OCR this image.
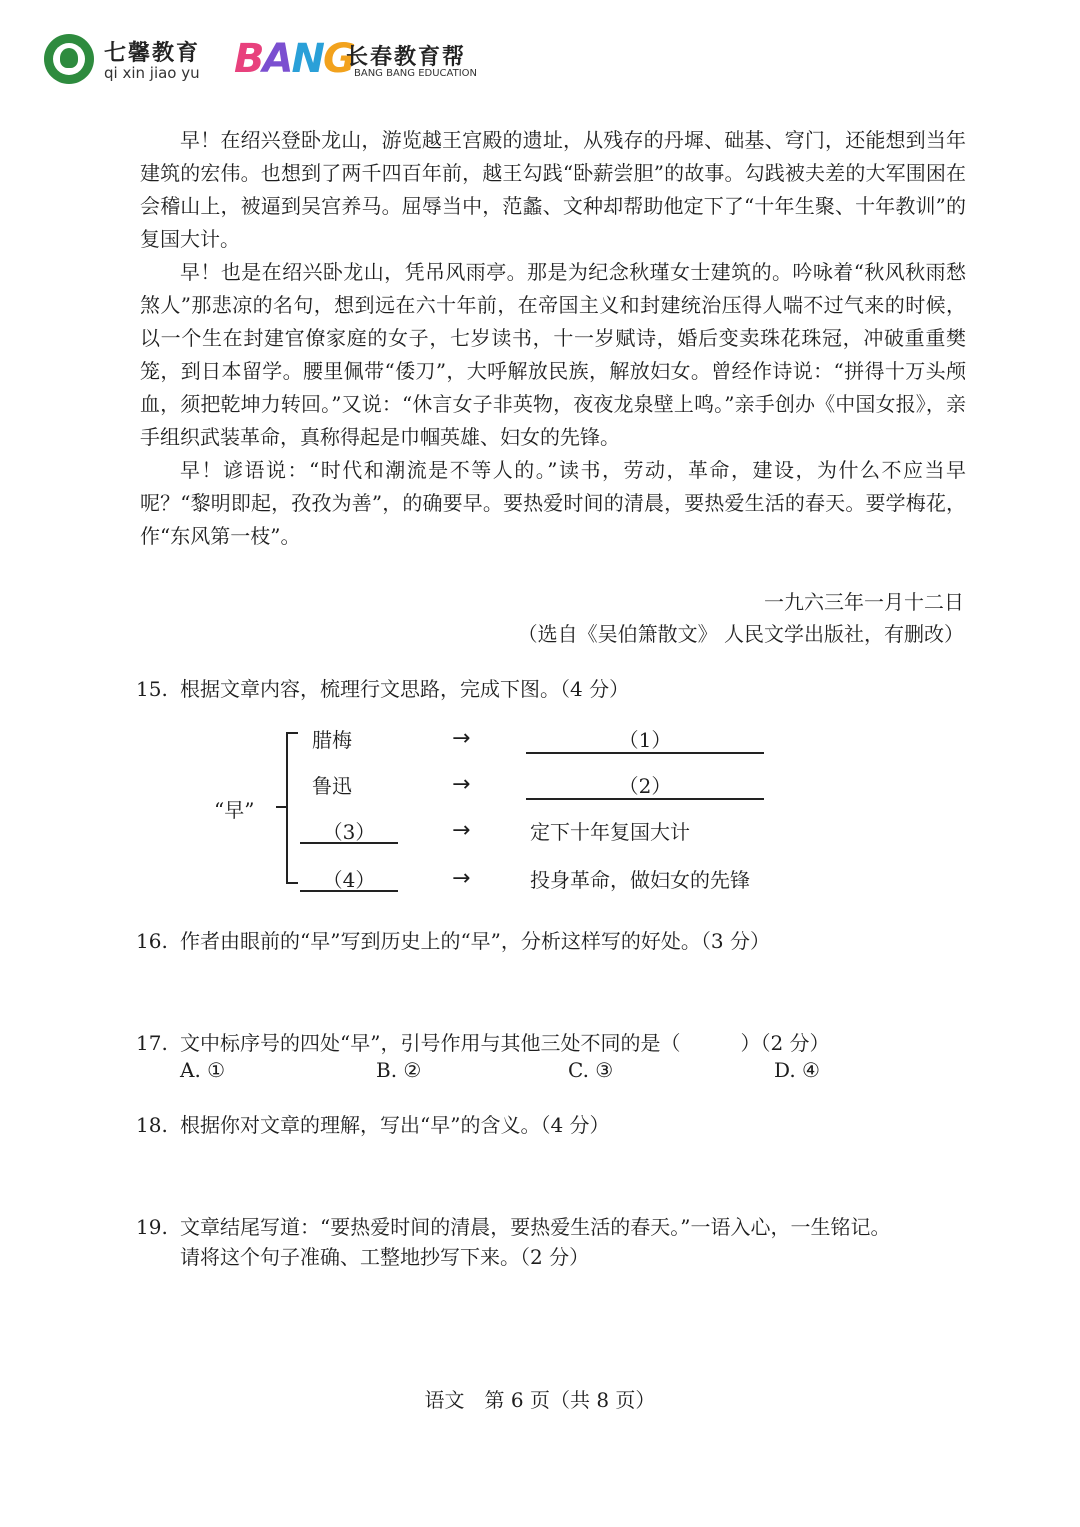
七馨教育
qi xin jiao yu BANG
长春教育帮
BANG BANG EDUCATION

早！在绍兴登卧龙山，游览越王宫殿的遗址，从残存的丹墀、础基、穹门，还能想到当年建筑的宏伟。也想到了两千四百年前，越王勾践“卧薪尝胆”的故事。勾践被夫差的大军围困在会稽山上，被逼到吴宫养马。屈辱当中，范蠡、文种却帮助他定下了“十年生聚、十年教训”的复国大计。

早！也是在绍兴卧龙山，凭吊风雨亭。那是为纪念秋瑾女士建筑的。吟咏着“秋风秋雨愁煞人”那悲凉的名句，想到远在六十年前，在帝国主义和封建统治压得人喘不过气来的时候，以一个生在封建官僚家庭的女子，七岁读书，十一岁赋诗，婚后变卖珠花珠冠，冲破重重樊笼，到日本留学。腰里佩带“倭刀”，大呼解放民族，解放妇女。曾经作诗说：“拼得十万头颅血，须把乾坤力转回。”又说：“休言女子非英物，夜夜龙泉壁上鸣。”亲手创办《中国女报》，亲手组织武装革命，真称得起是巾帼英雄、妇女的先锋。

早！谚语说：“时代和潮流是不等人的。”读书，劳动，革命，建设，为什么不应当早呢？“黎明即起，孜孜为善”，的确要早。要热爱时间的清晨，要热爱生活的春天。要学梅花，作“东风第一枝”。

一九六三年一月十二日
（选自《吴伯箫散文》 人民文学出版社，有删改）
15. 根据文章内容，梳理行文思路，完成下图。（4 分）
“早”
腊梅	→	（1）
鲁迅	→	（2）
（3）	→	定下十年复国大计
（4）	→	投身革命，做妇女的先锋
16. 作者由眼前的“早”写到历史上的“早”，分析这样写的好处。（3 分）
17. 文中标序号的四处“早”，引号作用与其他三处不同的是（　　　）（2 分）
A. ①	B. ②	C. ③	D. ④
18. 根据你对文章的理解，写出“早”的含义。（4 分）
19. 文章结尾写道：“要热爱时间的清晨，要热爱生活的春天。”一语入心，一生铭记。
请将这个句子准确、工整地抄写下来。（2 分）
语文　第 6 页（共 8 页）
